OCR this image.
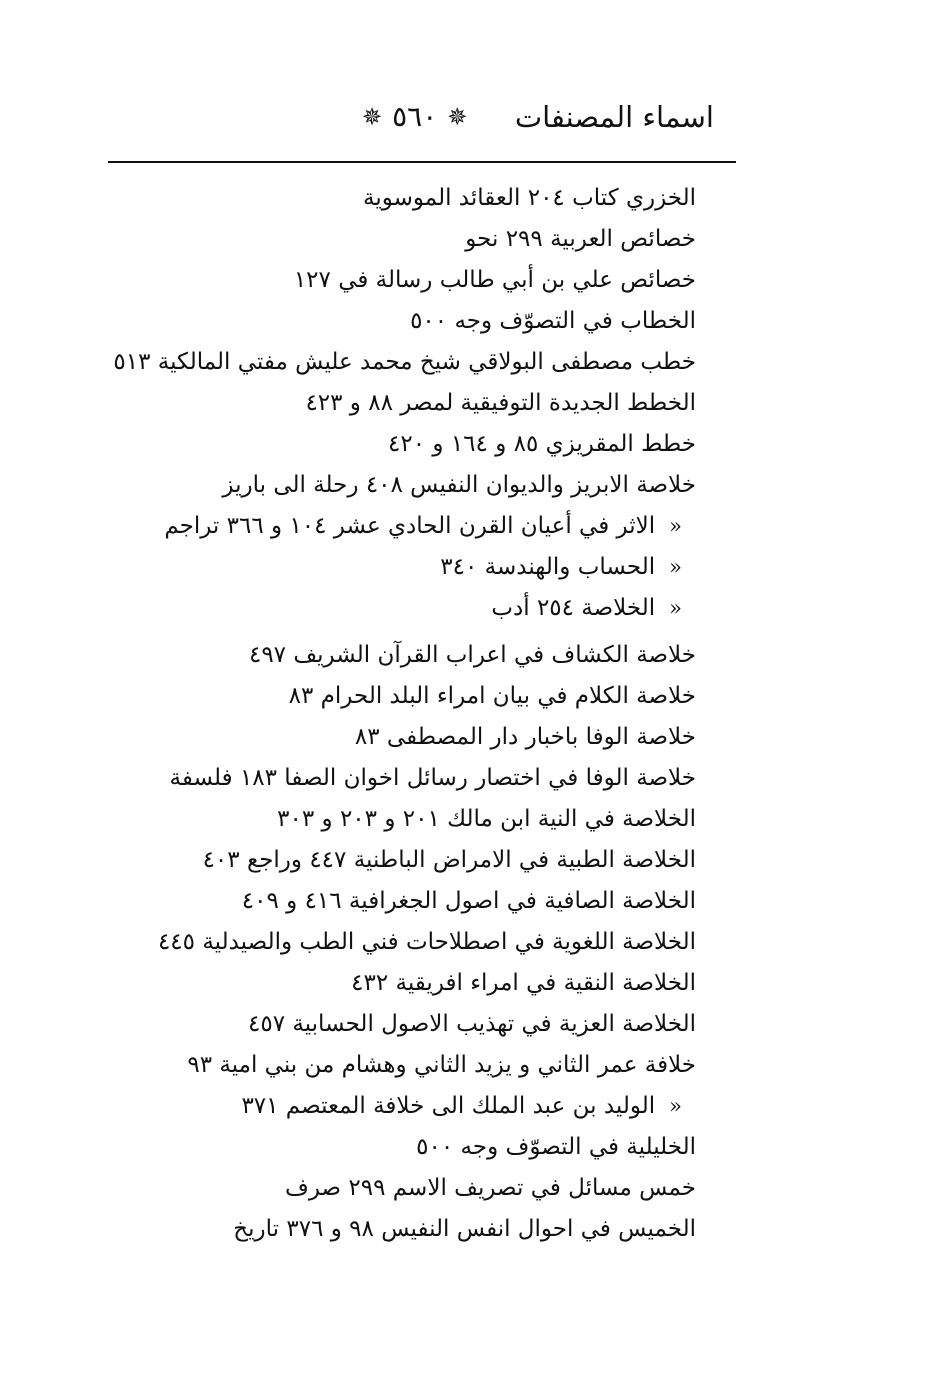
اسماء المصنفات
✵ ٥٦٠ ✵
الخزري كتاب ٢٠٤ العقائد الموسوية
خصائص العربية ٢٩٩ نحو
خصائص علي بن أبي طالب رسالة في ١٢٧
الخطاب في التصوّف وجه ٥٠٠
خطب مصطفى البولاقي شيخ محمد عليش مفتي المالكية ٥١٣
الخطط الجديدة التوفيقية لمصر ٨٨ و ٤٢٣
خطط المقريزي ٨٥ و ١٦٤ و ٤٢٠
خلاصة الابريز والديوان النفيس ٤٠٨ رحلة الى باريز
«الاثر في أعيان القرن الحادي عشر ١٠٤ و ٣٦٦ تراجم
«الحساب والهندسة ٣٤٠
«الخلاصة ٢٥٤ أدب
خلاصة الكشاف في اعراب القرآن الشريف ٤٩٧
خلاصة الكلام في بيان امراء البلد الحرام ٨٣
خلاصة الوفا باخبار دار المصطفى ٨٣
خلاصة الوفا في اختصار رسائل اخوان الصفا ١٨٣ فلسفة
الخلاصة في النية ابن مالك ٢٠١ و ٢٠٣ و ٣٠٣
الخلاصة الطبية في الامراض الباطنية ٤٤٧ وراجع ٤٠٣
الخلاصة الصافية في اصول الجغرافية ٤١٦ و ٤٠٩
الخلاصة اللغوية في اصطلاحات فني الطب والصيدلية ٤٤٥
الخلاصة النقية في امراء افريقية ٤٣٢
الخلاصة العزية في تهذيب الاصول الحسابية ٤٥٧
خلافة عمر الثاني و يزيد الثاني وهشام من بني امية ٩٣
«الوليد بن عبد الملك الى خلافة المعتصم ٣٧١
الخليلية في التصوّف وجه ٥٠٠
خمس مسائل في تصريف الاسم ٢٩٩ صرف
الخميس في احوال انفس النفيس ٩٨ و ٣٧٦ تاريخ
